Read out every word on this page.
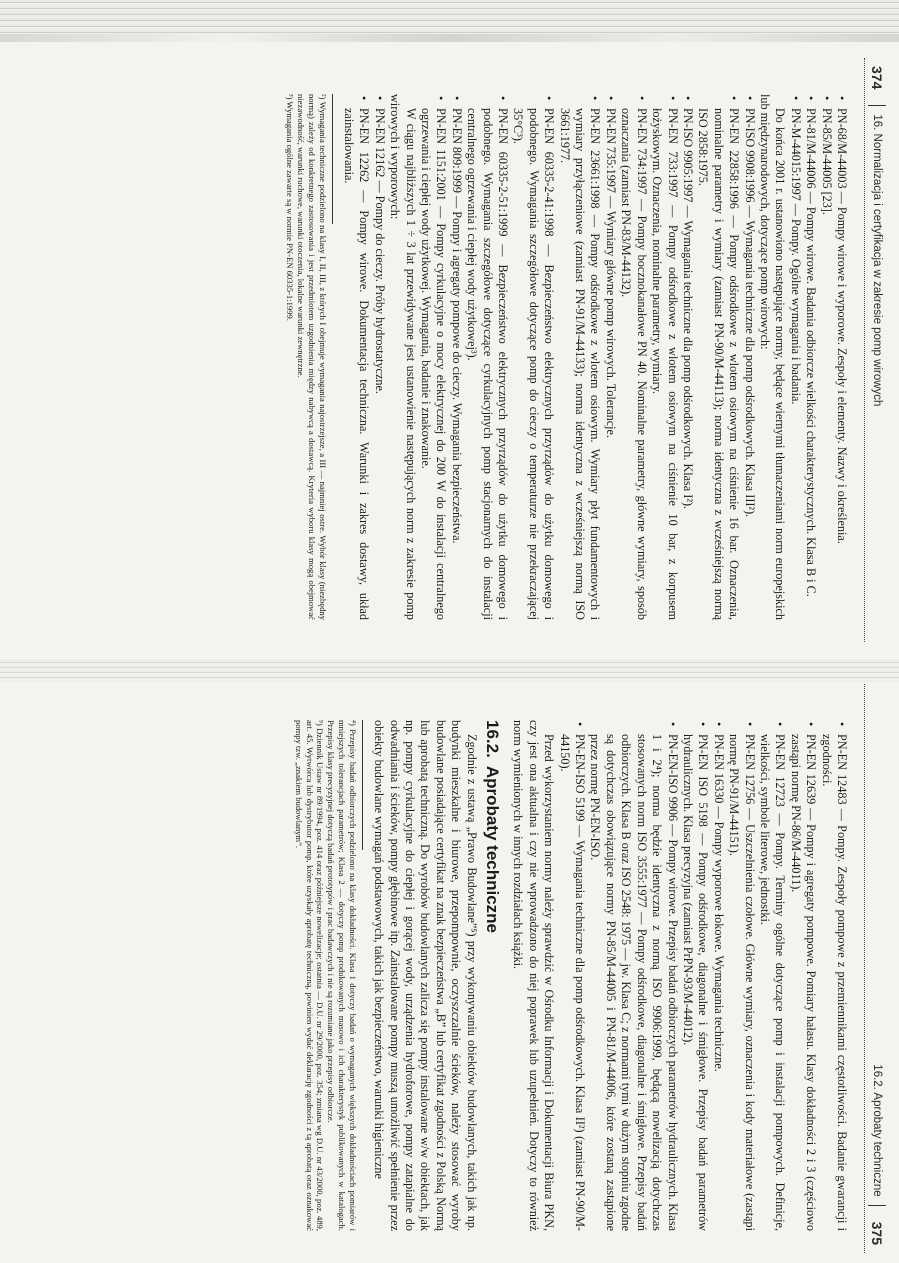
374
16. Normalizacja i certyfikacja w zakresie pomp wirowych
• PN-68/M-44003 — Pompy wirowe i wyporowe. Zespoły i elementy. Nazwy i określenia.
• PN-85/M-44005 [23].
• PN-81/M-44006 — Pompy wirowe. Badania odbiorcze wielkości charakterystycznych. Klasa B i C.
• PN-M-44015:1997 — Pompy. Ogólne wymagania i badania.

Do końca 2001 r. ustanowiono następujące normy, będące wiernymi tłumaczeniami norm europejskich lub międzynarodowych, dotyczące pomp wirowych:

• PN-ISO 9908:1996 — Wymagania techniczne dla pomp odśrodkowych. Klasa III²).
• PN-EN 22858:1996 — Pompy odśrodkowe z wlotem osiowym na ciśnienie 16 bar. Oznaczenia, nominalne parametry i wymiary (zamiast PN-90/M-44113); norma identyczna z wcześniejszą normą ISO 2858:1975.
• PN-ISO 9905:1997 — Wymagania techniczne dla pomp odśrodkowych. Klasa I²).
• PN-EN 733:1997 — Pompy odśrodkowe z wlotem osiowym na ciśnienie 10 bar, z korpusem łożyskowym. Oznaczenia, nominalne parametry, wymiary.
• PN-EN 734:1997 — Pompy bocznokanałowe PN 40. Nominalne parametry, główne wymiary, sposób oznaczania (zamiast PN-83/M-44132).
• PN-EN 735:1997 — Wymiary główne pomp wirowych. Tolerancje.
• PN-EN 23661:1998 — Pompy odśrodkowe z wlotem osiowym. Wymiary płyt fundamentowych i wymiary przyłączeniowe (zamiast PN-91/M-44133); norma identyczna z wcześniejszą normą ISO 3661:1977.
• PN-EN 60335-2-41:1998 — Bezpieczeństwo elektrycznych przyrządów do użytku domowego i podobnego. Wymagania szczegółowe dotyczące pomp do cieczy o temperaturze nie przekraczającej 35°C³).
• PN-EN 60335-2-51:1999 — Bezpieczeństwo elektrycznych przyrządów do użytku domowego i podobnego. Wymagania szczegółowe dotyczące cyrkulacyjnych pomp stacjonarnych do instalacji centralnego ogrzewania i ciepłej wody użytkowej³).
• PN-EN 809:1999 — Pompy i agregaty pompowe do cieczy. Wymagania bezpieczeństwa.
• PN-EN 1151:2001 — Pompy cyrkulacyjne o mocy elektrycznej do 200 W do instalacji centralnego ogrzewania i ciepłej wody użytkowej. Wymagania, badanie i znakowanie.

W ciągu najbliższych 1 ÷ 3 lat przewidywane jest ustanowienie następujących norm z zakresie pomp wirowych i wyporowych:

• PN-EN 12162 — Pompy do cieczy. Próby hydrostatyczne.
• PN-EN 12262 — Pompy wirowe. Dokumentacja techniczna. Warunki i zakres dostawy, układ zainstalowania.

²) Wymagania techniczne podzielono na klasy I, II, III, z których I obejmuje wymagania najostrzejsze, a III — najmniej ostre. Wybór klasy (niezbędny normą) zależy od konkretnego zastosowania i jest przedmiotem uzgodnienia między nabywcą a dostawcą. Kryteria wyboru klasy mogą obejmować niezawodność, warunki ruchowe, warunki otoczenia, lokalne warunki zewnętrzne.

³) Wymagania ogólne zawarte są w normie PN-EN 60335-1:1999.

16.2. Aprobaty techniczne
375
• PN-EN 12483 — Pompy. Zespoły pompowe z przemiennikami częstotliwości. Badanie gwarancji i zgodności.
• PN-EN 12639 — Pompy i agregaty pompowe. Pomiary hałasu. Klasy dokładności 2 i 3 (częściowo zastąpi normę PN-86/M-44011).
• PN-EN 12723 — Pompy. Terminy ogólne dotyczące pomp i instalacji pompowych. Definicje, wielkości, symbole literowe, jednostki.
• PN-EN 12756 — Uszczelnienia czołowe. Główne wymiary, oznaczenia i kody materiałowe (zastąpi normę PN-91/M-44151).
• PN-EN 16330 — Pompy wyporowe łokowe. Wymagania techniczne.
• PN-EN ISO 5198 — Pompy odśrodkowe, diagonalne i śmigłowe. Przepisy badań parametrów hydraulicznych. Klasa precyzyjna (zamiast PrPN-93/M-44012).
• PN-EN-ISO 9906 — Pompy wirowe. Przepisy badań odbiorczych parametrów hydraulicznych. Klasa 1 i 2⁴); norma będzie identyczna z normą ISO 9906:1999, będącą nowelizacją dotychczas stosowanych norm ISO 3555:1977 — Pompy odśrodkowe, diagonalne i śmigłowe. Przepisy badań odbiorczych. Klasa B oraz ISO 2548: 1975 — jw. Klasa C; z normami tymi w dużym stopniu zgodne są dotychczas obowiązujące normy PN-85/M-44005 i PN-81/M-44006, które zostaną zastąpione przez normę PN-EN-ISO.
• PN-EN-ISO 5199 — Wymagania techniczne dla pomp odśrodkowych. Klasa II²) (zamiast PN-90/M-44150).

Przed wykorzystaniem normy należy sprawdzić w Ośrodku Informacji i Dokumentacji Biura PKN, czy jest ona aktualna i czy nie wprowadzono do niej poprawek lub uzupełnień. Dotyczy to również norm wymienionych w innych rozdziałach książki.

16.2.Aprobaty techniczne

Zgodnie z ustawą „Prawo Budowlane”⁵) przy wykonywaniu obiektów budowlanych, takich jak np. budynki mieszkalne i biurowe, przepompownie, oczyszczalnie ścieków, należy stosować wyroby budowlane posiadające certyfikat na znak bezpieczeństwa „B” lub certyfikat zgodności z Polską Normą lub aprobatą techniczną. Do wyrobów budowlanych zalicza się pompy instalowane w/w obiektach, jak np. pompy cyrkulacyjne do ciepłej i gorącej wody, urządzenia hydroforowe, pompy zatapialne do odwadniania i ścieków, pompy głębinowe itp. Zainstalowane pompy muszą umożliwić spełnienie przez obiekty budowlane wymagań podstawowych, takich jak bezpieczeństwo, warunki higieniczne

⁴) Przepisy badań odbiorczych podzielono na klasy dokładności. Klasa 1 dotyczy badań o wymaganych większych dokładnościach pomiarów i mniejszych tolerancjach parametrów; Klasa 2 — dotyczy pomp produkowanych masowo i ich charakterystyk publikowanych w katalogach. Przepisy klasy precyzyjnej dotyczą badań prototypów i prac badawczych i nie są rozumiane jako przepisy odbiorcze.

⁵) Dziennik Ustaw nr 89/1994, poz. 414 oraz późniejsze nowelizacje; ostatnia — D.U. nr 29/2000, poz. 354; zmiana wg D.U. nr 43/2000, poz. 489, art. 45. Wytwórca lub dystrybutor pomp, które uzyskały aprobatę techniczną, powinien wydać deklarację zgodności z tą aprobatą oraz oznakować pompy tzw. „znakiem budowlanym”.
